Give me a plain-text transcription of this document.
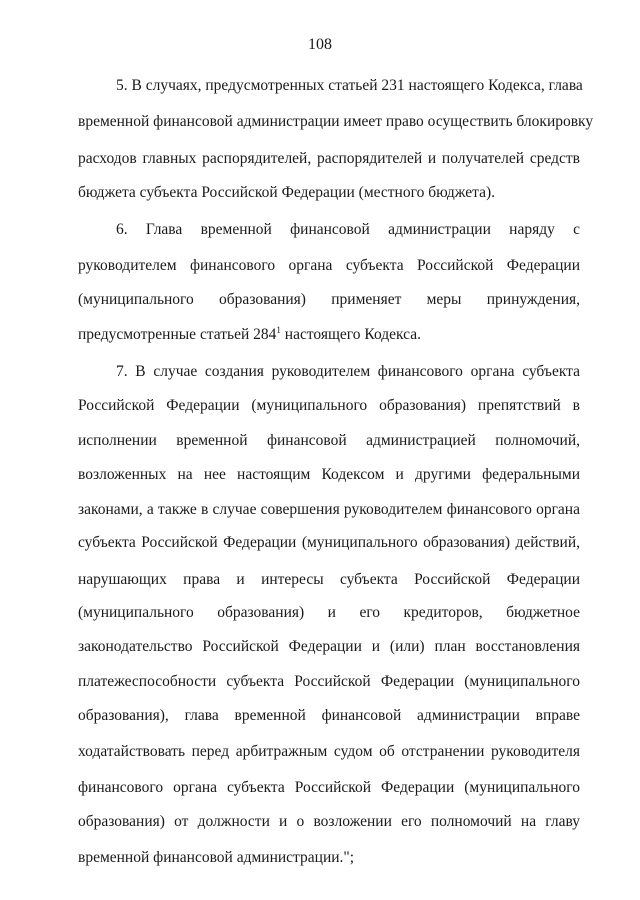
108
5. В случаях, предусмотренных статьей 231 настоящего Кодекса, глава
временной финансовой администрации имеет право осуществить блокировку
расходов главных распорядителей, распорядителей и получателей средств
бюджета субъекта Российской Федерации (местного бюджета).
6. Глава временной финансовой администрации наряду с
руководителем финансового органа субъекта Российской Федерации
(муниципального образования) применяет меры принуждения,
предусмотренные статьей $284^1$ настоящего Кодекса.
7. В случае создания руководителем финансового органа субъекта
Российской Федерации (муниципального образования) препятствий в
исполнении временной финансовой администрацией полномочий,
возложенных на нее настоящим Кодексом и другими федеральными
законами, а также в случае совершения руководителем финансового органа
субъекта Российской Федерации (муниципального образования) действий,
нарушающих права и интересы субъекта Российской Федерации
(муниципального образования) и его кредиторов, бюджетное
законодательство Российской Федерации и (или) план восстановления
платежеспособности субъекта Российской Федерации (муниципального
образования), глава временной финансовой администрации вправе
ходатайствовать перед арбитражным судом об отстранении руководителя
финансового органа субъекта Российской Федерации (муниципального
образования) от должности и о возложении его полномочий на главу
временной финансовой администрации.";
